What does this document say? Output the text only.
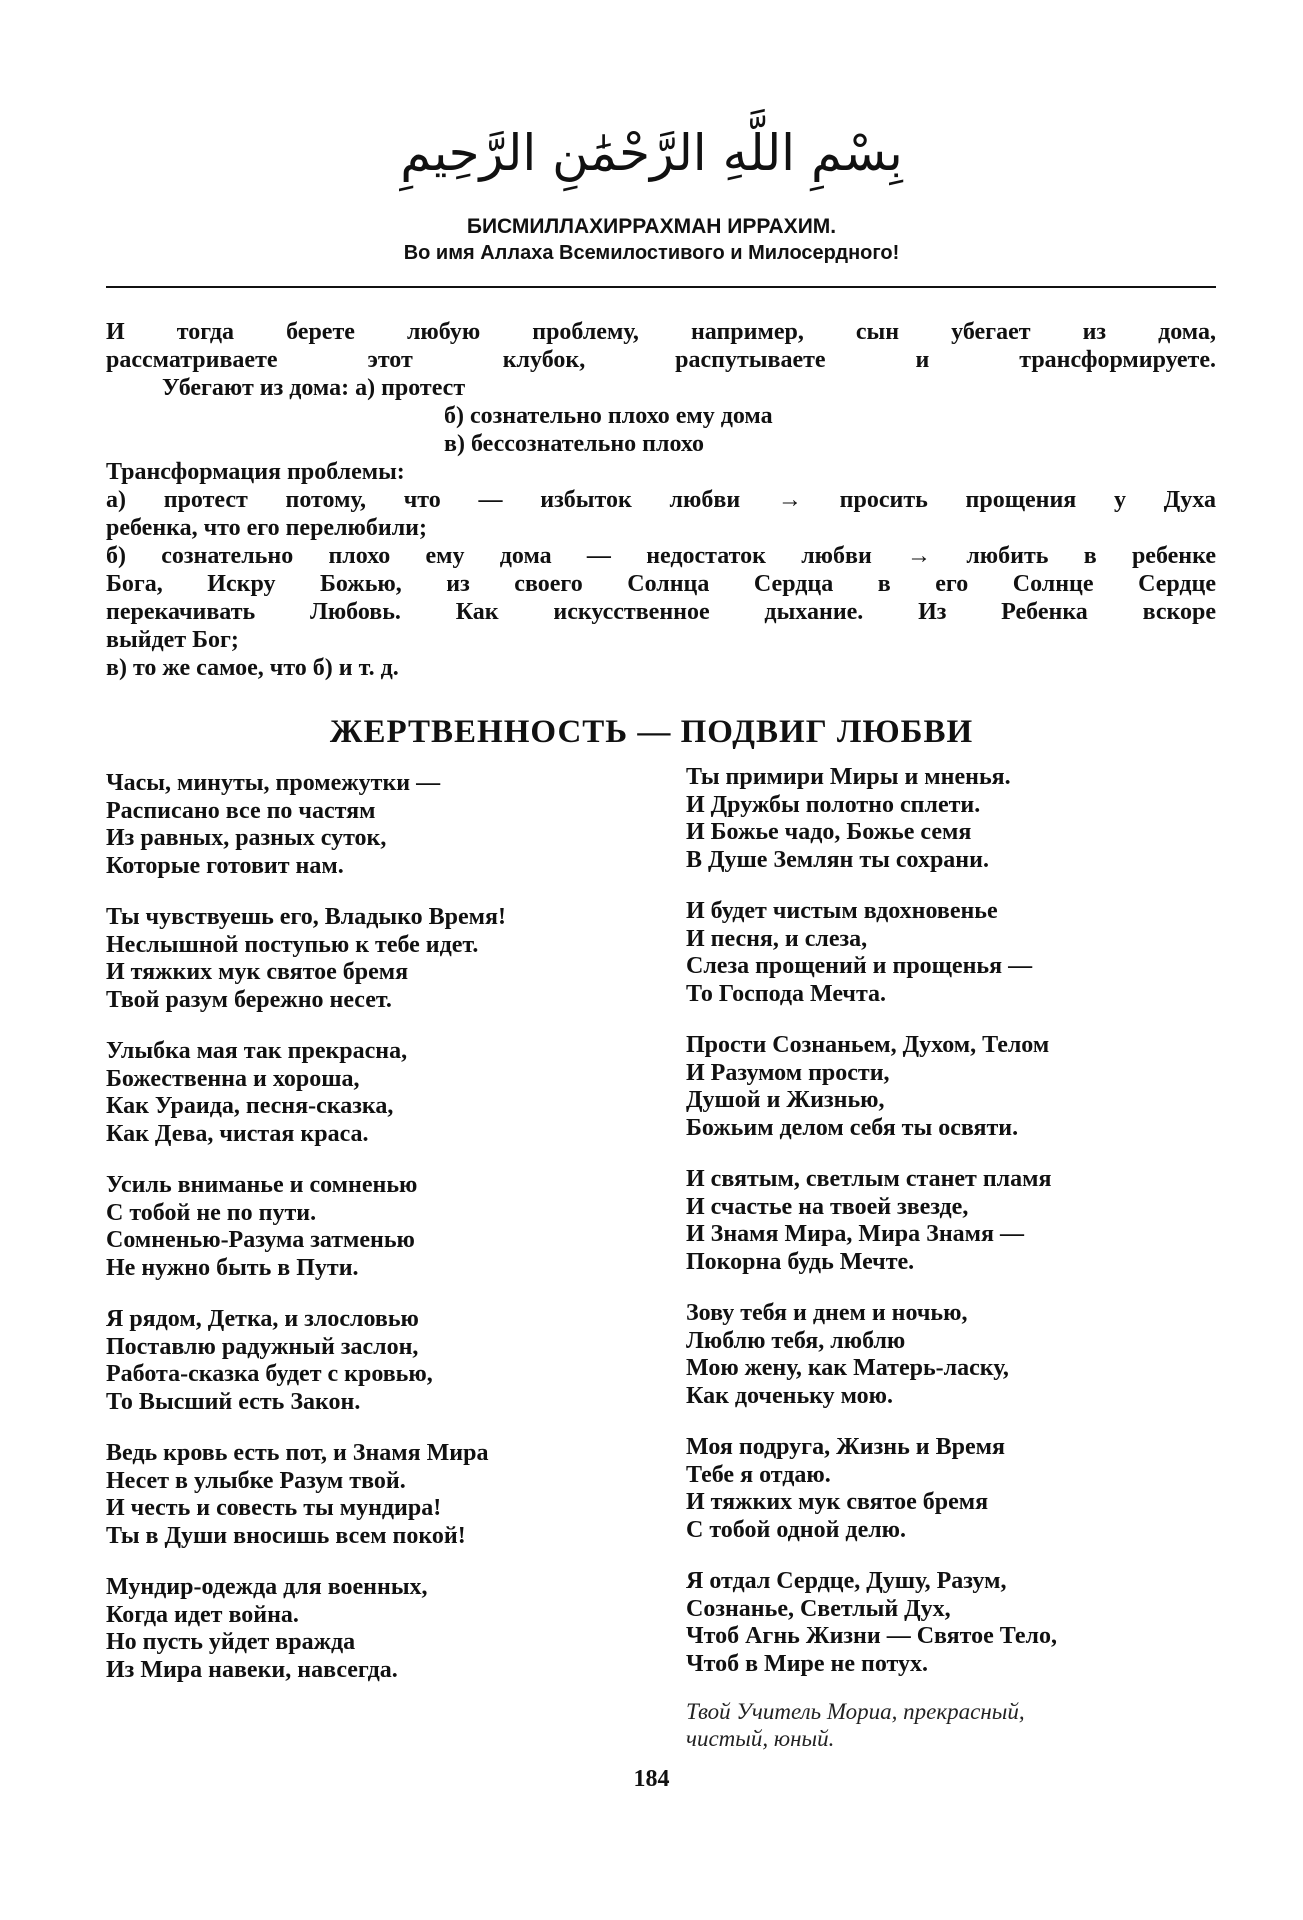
بِسْمِ اللَّهِ الرَّحْمَٰنِ الرَّحِيمِ
БИСМИЛЛАХИРРАХМАН ИРРАХИМ.
Во имя Аллаха Всемилостивого и Милосердного!
И тогда берете любую проблему, например, сын убегает из дома,
рассматриваете этот клубок, распутываете и трансформируете.
Убегают из дома: а) протест
б) сознательно плохо ему дома
в) бессознательно плохо
Трансформация проблемы:
а) протест потому, что — избыток любви → просить прощения у Духа
ребенка, что его перелюбили;
б) сознательно плохо ему дома — недостаток любви → любить в ребенке
Бога, Искру Божью, из своего Солнца Сердца в его Солнце Сердце
перекачивать Любовь. Как искусственное дыхание. Из Ребенка вскоре
выйдет Бог;
в) то же самое, что б) и т. д.
ЖЕРТВЕННОСТЬ — ПОДВИГ ЛЮБВИ
Часы, минуты, промежутки —
Расписано все по частям
Из равных, разных суток,
Которые готовит нам.
Ты чувствуешь его, Владыко Время!
Неслышной поступью к тебе идет.
И тяжких мук святое бремя
Твой разум бережно несет.
Улыбка мая так прекрасна,
Божественна и хороша,
Как Ураида, песня-сказка,
Как Дева, чистая краса.
Усиль вниманье и сомненью
С тобой не по пути.
Сомненью-Разума затменью
Не нужно быть в Пути.
Я рядом, Детка, и злословью
Поставлю радужный заслон,
Работа-сказка будет с кровью,
То Высший есть Закон.
Ведь кровь есть пот, и Знамя Мира
Несет в улыбке Разум твой.
И честь и совесть ты мундира!
Ты в Души вносишь всем покой!
Мундир-одежда для военных,
Когда идет война.
Но пусть уйдет вражда
Из Мира навеки, навсегда.
Ты примири Миры и мненья.
И Дружбы полотно сплети.
И Божье чадо, Божье семя
В Душе Землян ты сохрани.
И будет чистым вдохновенье
И песня, и слеза,
Слеза прощений и прощенья —
То Господа Мечта.
Прости Сознаньем, Духом, Телом
И Разумом прости,
Душой и Жизнью,
Божьим делом себя ты освяти.
И святым, светлым станет пламя
И счастье на твоей звезде,
И Знамя Мира, Мира Знамя —
Покорна будь Мечте.
Зову тебя и днем и ночью,
Люблю тебя, люблю
Мою жену, как Матерь-ласку,
Как доченьку мою.
Моя подруга, Жизнь и Время
Тебе я отдаю.
И тяжких мук святое бремя
С тобой одной делю.
Я отдал Сердце, Душу, Разум,
Сознанье, Светлый Дух,
Чтоб Агнь Жизни — Святое Тело,
Чтоб в Мире не потух.
Твой Учитель Мориа, прекрасный,
чистый, юный.
184
